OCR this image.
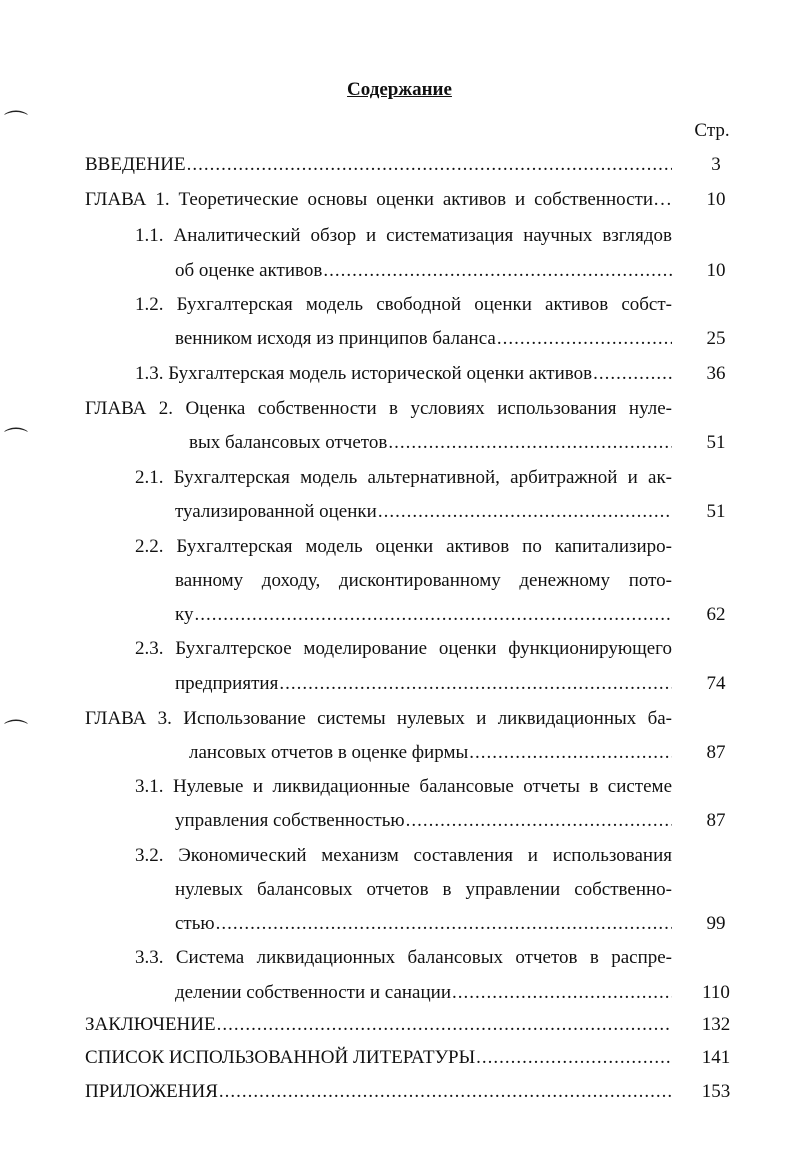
⌒
⌒
⌒
Содержание
Стр.
ВВЕДЕНИЕ .....	3
ГЛАВА 1. Теоретические основы оценки активов и собственности…	10
1.1. Аналитический обзор и систематизация научных взглядов
об оценке активов .....	10
1.2. Бухгалтерская модель свободной оценки активов собст-
венником исходя из принципов баланса .....	25
1.3. Бухгалтерская модель исторической оценки активов .....	36
ГЛАВА 2. Оценка собственности в условиях использования нуле-
вых балансовых отчетов .....	51
2.1. Бухгалтерская модель альтернативной, арбитражной и ак-
туализированной оценки .....	51
2.2. Бухгалтерская модель оценки активов по капитализиро-
ванному доходу, дисконтированному денежному пото-
ку .....	62
2.3. Бухгалтерское моделирование оценки функционирующего
предприятия .....	74
ГЛАВА 3. Использование системы нулевых и ликвидационных ба-
лансовых отчетов в оценке фирмы .....	87
3.1. Нулевые и ликвидационные балансовые отчеты в системе
управления собственностью .....	87
3.2. Экономический механизм составления и использования
нулевых балансовых отчетов в управлении собственно-
стью .....	99
3.3. Система ликвидационных балансовых отчетов в распре-
делении собственности и санации .....	110
ЗАКЛЮЧЕНИЕ .....	132
СПИСОК ИСПОЛЬЗОВАННОЙ ЛИТЕРАТУРЫ .....	141
ПРИЛОЖЕНИЯ .....	153
